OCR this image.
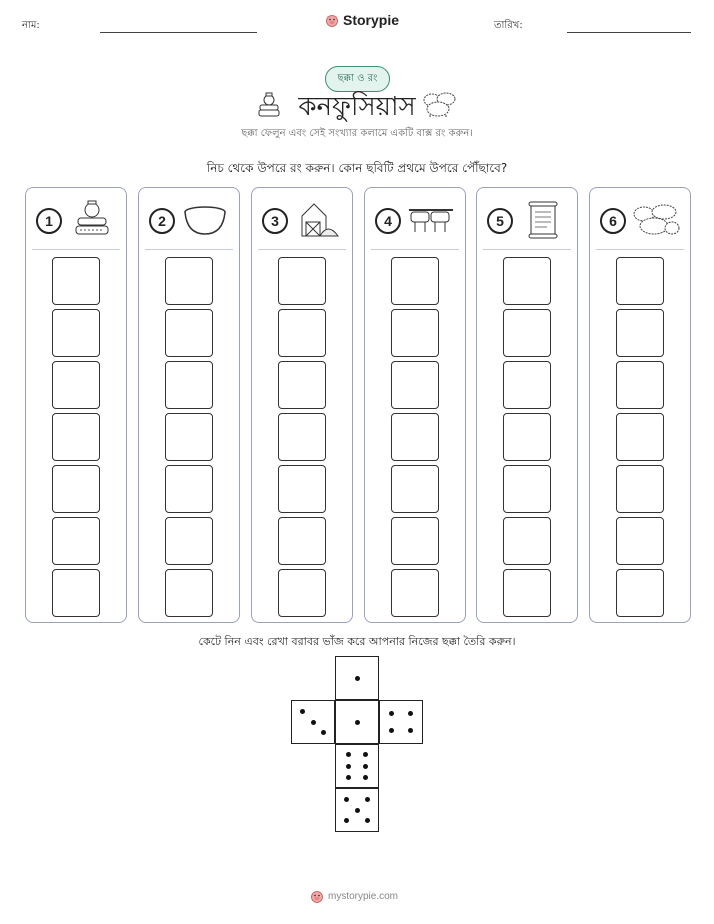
নাম:	Storypie	তারিখ:
ছক্কা ও রং
কনফুসিয়াস
ছক্কা ফেলুন এবং সেই সংখ্যার কলামে একটি বাক্স রং করুন।
নিচ থেকে উপরে রং করুন। কোন ছবিটি প্রথমে উপরে পৌঁছাবে?
1	2	3	4	5	6
কেটে নিন এবং রেখা বরাবর ভাঁজ করে আপনার নিজের ছক্কা তৈরি করুন।
mystorypie.com
